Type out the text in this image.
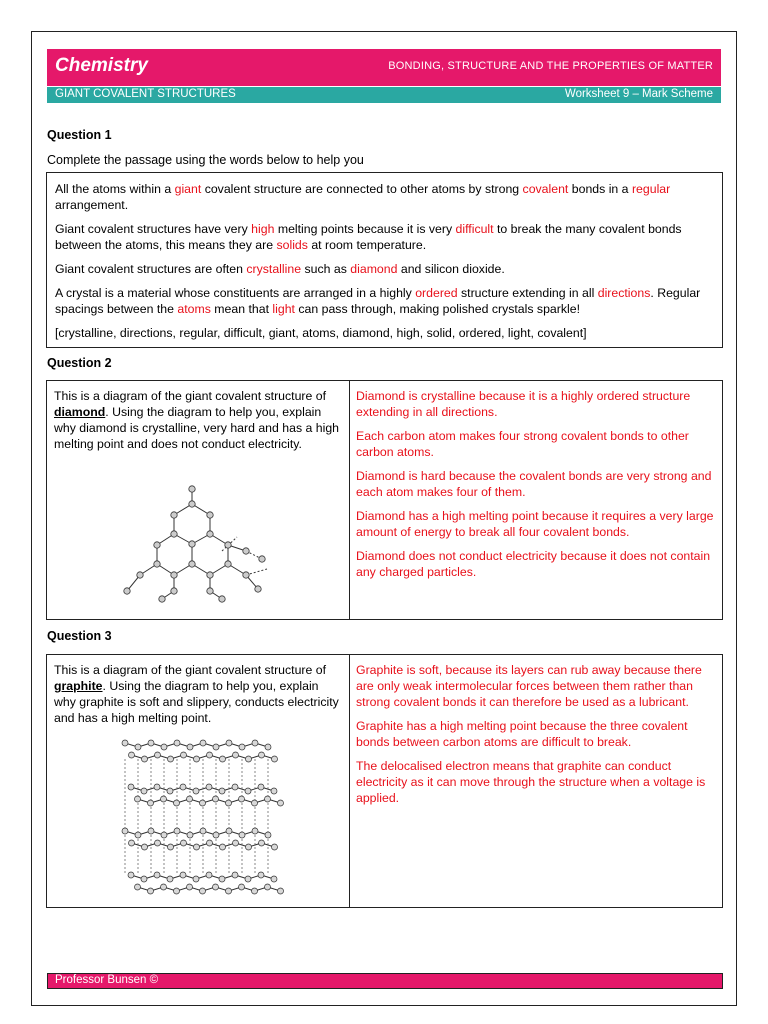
Chemistry	BONDING, STRUCTURE AND THE PROPERTIES OF MATTER
GIANT COVALENT STRUCTURES	Worksheet 9 – Mark Scheme
Question 1
Complete the passage using the words below to help you

All the atoms within a giant covalent structure are connected to other atoms by strong covalent bonds in a regular arrangement.

Giant covalent structures have very high melting points because it is very difficult to break the many covalent bonds between the atoms, this means they are solids at room temperature.

Giant covalent structures are often crystalline such as diamond and silicon dioxide.

A crystal is a material whose constituents are arranged in a highly ordered structure extending in all directions. Regular spacings between the atoms mean that light can pass through, making polished crystals sparkle!

[crystalline, directions, regular, difficult, giant, atoms, diamond, high, solid, ordered, light, covalent]

Question 2
This is a diagram of the giant covalent structure of diamond. Using the diagram to help you, explain why diamond is crystalline, very hard and has a high melting point and does not conduct electricity.

Diamond is crystalline because it is a highly ordered structure extending in all directions.

Each carbon atom makes four strong covalent bonds to other carbon atoms.

Diamond is hard because the covalent bonds are very strong and each atom makes four of them.

Diamond has a high melting point because it requires a very large amount of energy to break all four covalent bonds.

Diamond does not conduct electricity because it does not contain any charged particles.

Question 3
This is a diagram of the giant covalent structure of graphite. Using the diagram to help you, explain why graphite is soft and slippery, conducts electricity and has a high melting point.

Graphite is soft, because its layers can rub away because there are only weak intermolecular forces between them rather than strong covalent bonds it can therefore be used as a lubricant.

Graphite has a high melting point because the three covalent bonds between carbon atoms are difficult to break.

The delocalised electron means that graphite can conduct electricity as it can move through the structure when a voltage is applied.

Professor Bunsen ©
